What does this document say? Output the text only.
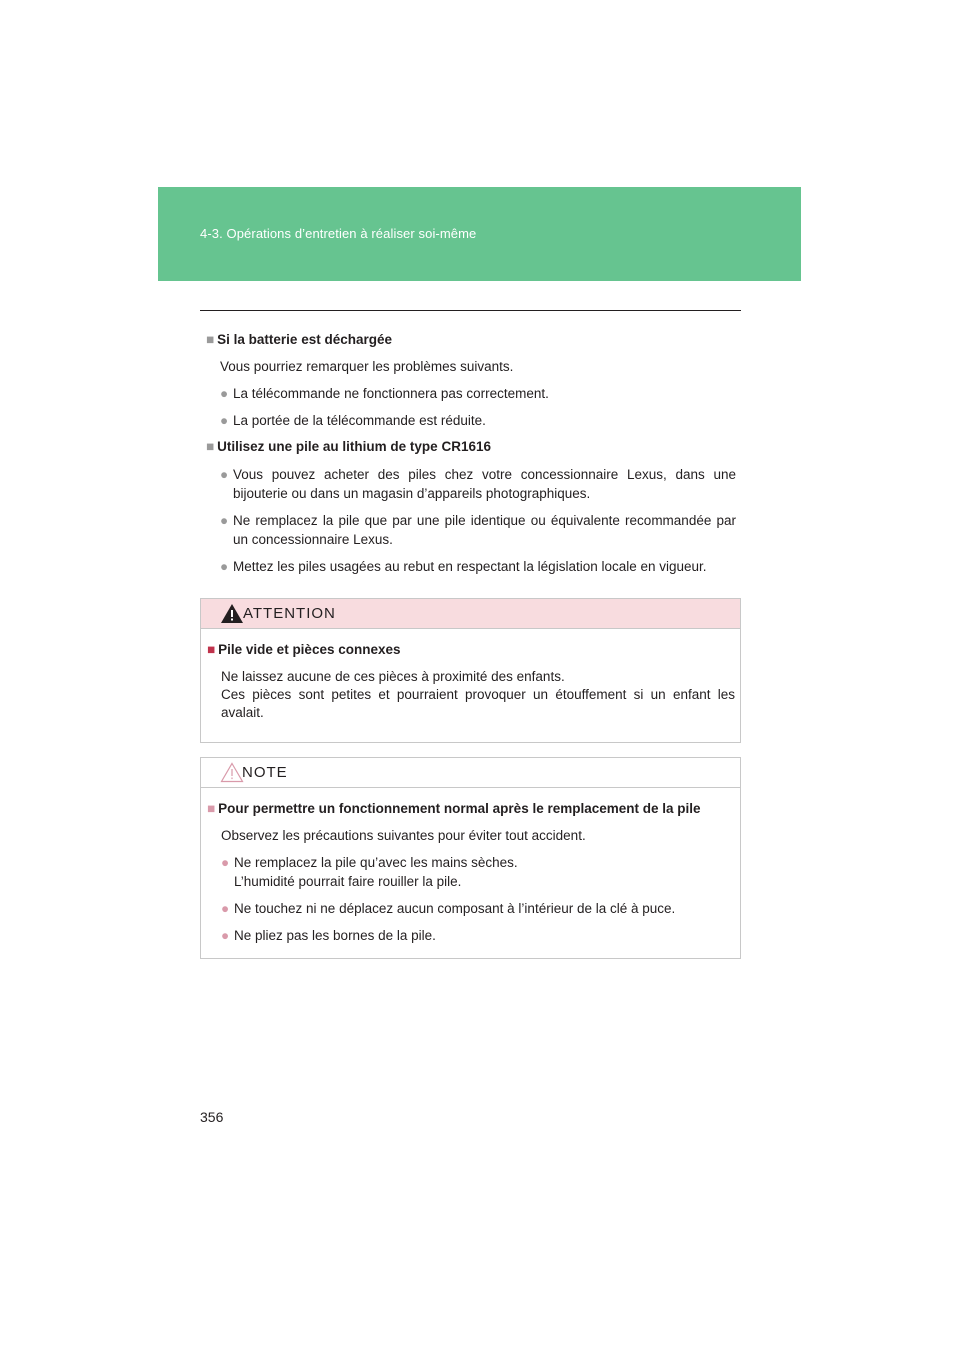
4-3. Opérations d’entretien à réaliser soi-même
■ Si la batterie est déchargée
Vous pourriez remarquer les problèmes suivants.
● La télécommande ne fonctionnera pas correctement.
● La portée de la télécommande est réduite.
■ Utilisez une pile au lithium de type CR1616
● Vous pouvez acheter des piles chez votre concessionnaire Lexus, dans une bijouterie ou dans un magasin d’appareils photographiques.
● Ne remplacez la pile que par une pile identique ou équivalente recommandée par un concessionnaire Lexus.
● Mettez les piles usagées au rebut en respectant la législation locale en vigueur.
ATTENTION
■ Pile vide et pièces connexes
Ne laissez aucune de ces pièces à proximité des enfants.
Ces pièces sont petites et pourraient provoquer un étouffement si un enfant les avalait.
NOTE
■ Pour permettre un fonctionnement normal après le remplacement de la pile
Observez les précautions suivantes pour éviter tout accident.
● Ne remplacez la pile qu’avec les mains sèches.
L’humidité pourrait faire rouiller la pile.
● Ne touchez ni ne déplacez aucun composant à l’intérieur de la clé à puce.
● Ne pliez pas les bornes de la pile.
356
